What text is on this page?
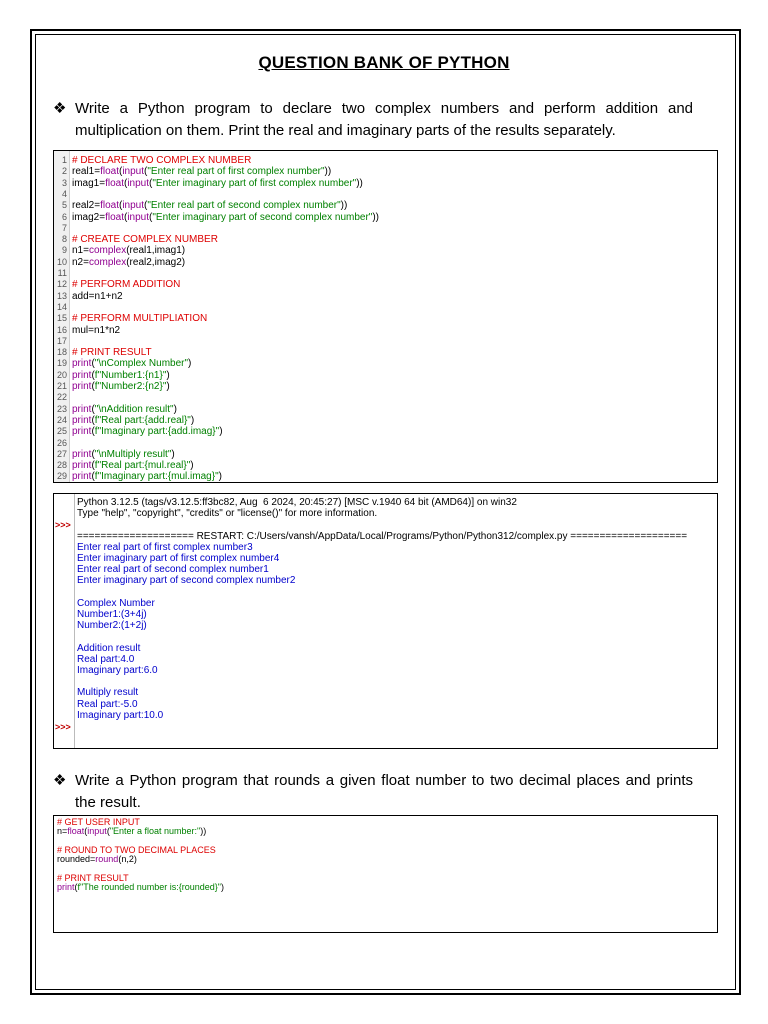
QUESTION BANK OF PYTHON
❖ Write a Python program to declare two complex numbers and perform addition and multiplication on them. Print the real and imaginary parts of the results separately.
1 # DECLARE TWO COMPLEX NUMBER
2 real1=float(input("Enter real part of first complex number"))
3 imag1=float(input("Enter imaginary part of first complex number"))
4
5 real2=float(input("Enter real part of second complex number"))
6 imag2=float(input("Enter imaginary part of second complex number"))
7
8 # CREATE COMPLEX NUMBER
9 n1=complex(real1,imag1)
10 n2=complex(real2,imag2)
11
12 # PERFORM ADDITION
13 add=n1+n2
14
15 # PERFORM MULTIPLIATION
16 mul=n1*n2
17
18 # PRINT RESULT
19 print("\nComplex Number")
20 print(f"Number1:{n1}")
21 print(f"Number2:{n2}")
22
23 print("\nAddition result")
24 print(f"Real part:{add.real}")
25 print(f"Imaginary part:{add.imag}")
26
27 print("\nMultiply result")
28 print(f"Real part:{mul.real}")
29 print(f"Imaginary part:{mul.imag}")
>>>
>>>
Python 3.12.5 (tags/v3.12.5:ff3bc82, Aug  6 2024, 20:45:27) [MSC v.1940 64 bit (AMD64)] on win32
Type "help", "copyright", "credits" or "license()" for more information.
==================== RESTART: C:/Users/vansh/AppData/Local/Programs/Python/Python312/complex.py ====================
Enter real part of first complex number3
Enter imaginary part of first complex number4
Enter real part of second complex number1
Enter imaginary part of second complex number2
Complex Number
Number1:(3+4j)
Number2:(1+2j)
Addition result
Real part:4.0
Imaginary part:6.0
Multiply result
Real part:-5.0
Imaginary part:10.0
❖ Write a Python program that rounds a given float number to two decimal places and prints the result.
# GET USER INPUT
n=float(input("Enter a float number:"))
# ROUND TO TWO DECIMAL PLACES
rounded=round(n,2)
# PRINT RESULT
print(f"The rounded number is:{rounded}")
